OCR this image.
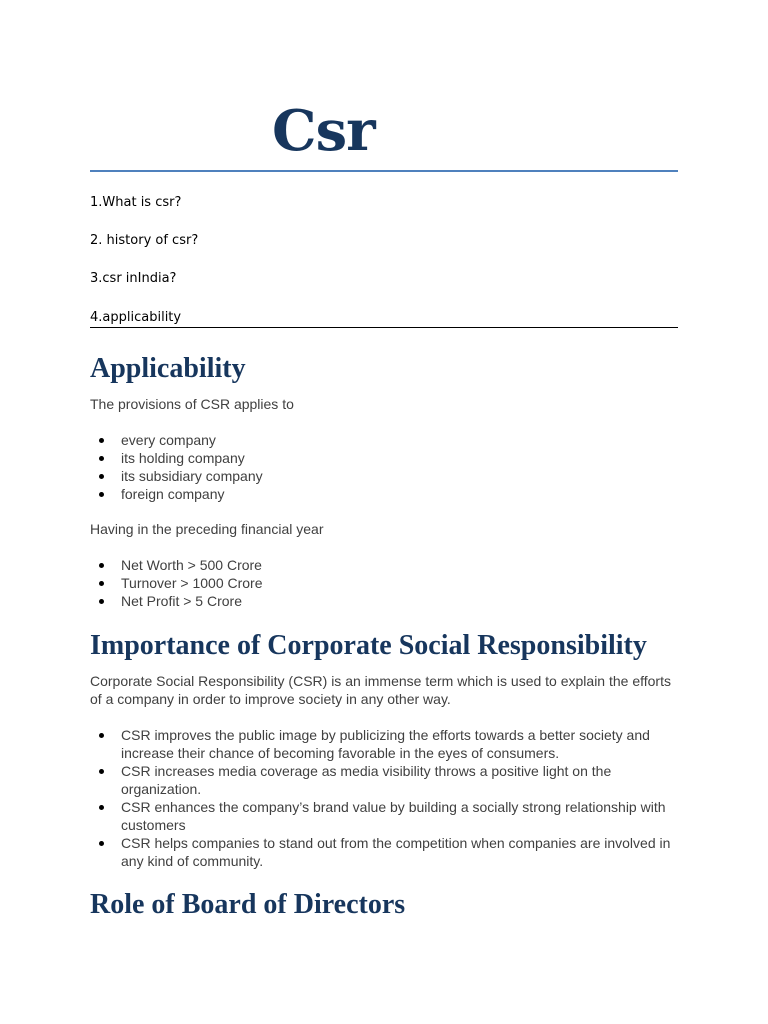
Csr

1.What is csr?

2. history of csr?

3.csr inIndia?

4.applicability

Applicability

The provisions of CSR applies to

every company
its holding company
its subsidiary company
foreign company

Having in the preceding financial year

Net Worth > 500 Crore
Turnover > 1000 Crore
Net Profit > 5 Crore
Importance of Corporate Social Responsibility

Corporate Social Responsibility (CSR) is an immense term which is used to explain the efforts of a company in order to improve society in any other way.

CSR improves the public image by publicizing the efforts towards a better society and increase their chance of becoming favorable in the eyes of consumers.
CSR increases media coverage as media visibility throws a positive light on the organization.
CSR enhances the company’s brand value by building a socially strong relationship with customers
CSR helps companies to stand out from the competition when companies are involved in any kind of community.
Role of Board of Directors
